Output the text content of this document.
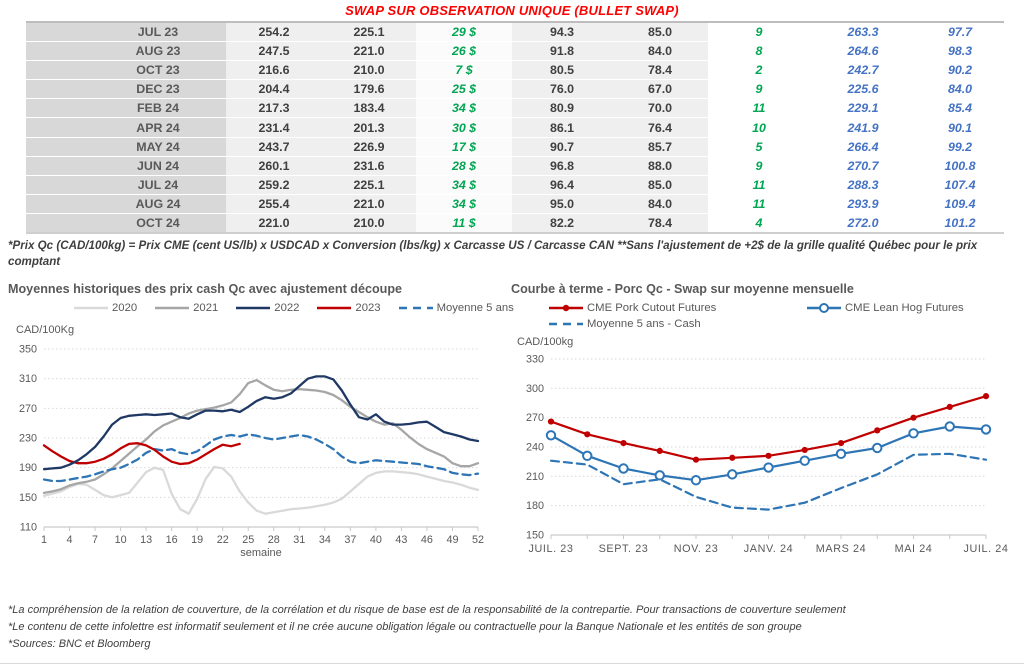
SWAP SUR OBSERVATION UNIQUE (BULLET SWAP)
JUL 23	254.2	225.1	29 $	94.3	85.0	9	263.3	97.7
AUG 23	247.5	221.0	26 $	91.8	84.0	8	264.6	98.3
OCT 23	216.6	210.0	7 $	80.5	78.4	2	242.7	90.2
DEC 23	204.4	179.6	25 $	76.0	67.0	9	225.6	84.0
FEB 24	217.3	183.4	34 $	80.9	70.0	11	229.1	85.4
APR 24	231.4	201.3	30 $	86.1	76.4	10	241.9	90.1
MAY 24	243.7	226.9	17 $	90.7	85.7	5	266.4	99.2
JUN 24	260.1	231.6	28 $	96.8	88.0	9	270.7	100.8
JUL 24	259.2	225.1	34 $	96.4	85.0	11	288.3	107.4
AUG 24	255.4	221.0	34 $	95.0	84.0	11	293.9	109.4
OCT 24	221.0	210.0	11 $	82.2	78.4	4	272.0	101.2
*Prix Qc (CAD/100kg) = Prix CME (cent US/lb) x USDCAD x Conversion (lbs/kg) x Carcasse US / Carcasse CAN **Sans l'ajustement de +2$ de la grille qualité Québec pour le prix comptant
Moyennes historiques des prix cash Qc avec ajustement découpe
2020	2021	2022	2023	Moyenne 5 ans
CAD/100Kg
350
310
270
230
190
150
110
1 4 7 10 13 16 19 22 25 28 31 34 37 40 43 46 49 52
semaine
Courbe à terme - Porc Qc - Swap sur moyenne mensuelle
CME Pork Cutout Futures	CME Lean Hog Futures
Moyenne 5 ans - Cash
CAD/100kg
330
300
270
240
210
180
150
JUIL. 23 SEPT. 23 NOV. 23 JANV. 24 MARS 24	MAI 24	JUIL. 24
*La compréhension de la relation de couverture, de la corrélation et du risque de base est de la responsabilité de la contrepartie. Pour transactions de couverture seulement
*Le contenu de cette infolettre est informatif seulement et il ne crée aucune obligation légale ou contractuelle pour la Banque Nationale et les entités de son groupe
*Sources: BNC et Bloomberg
